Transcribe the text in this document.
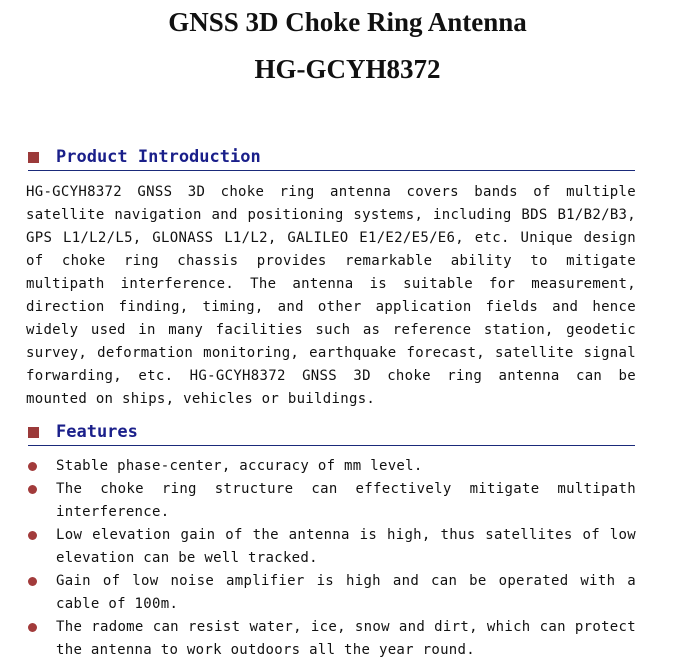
GNSS 3D Choke Ring Antenna
HG-GCYH8372
Product Introduction
HG-GCYH8372 GNSS 3D choke ring antenna covers bands of multiple satellite navigation and positioning systems, including BDS B1/B2/B3, GPS L1/L2/L5, GLONASS L1/L2, GALILEO E1/E2/E5/E6, etc. Unique design of choke ring chassis provides remarkable ability to mitigate multipath interference. The antenna is suitable for measurement, direction finding, timing, and other application fields and hence widely used in many facilities such as reference station, geodetic survey, deformation monitoring, earthquake forecast, satellite signal forwarding, etc. HG-GCYH8372 GNSS 3D choke ring antenna can be mounted on ships, vehicles or buildings.
Features
Stable phase-center, accuracy of mm level.
The choke ring structure can effectively mitigate multipath interference.
Low elevation gain of the antenna is high, thus satellites of low elevation can be well tracked.
Gain of low noise amplifier is high and can be operated with a cable of 100m.
The radome can resist water, ice, snow and dirt, which can protect the antenna to work outdoors all the year round.
